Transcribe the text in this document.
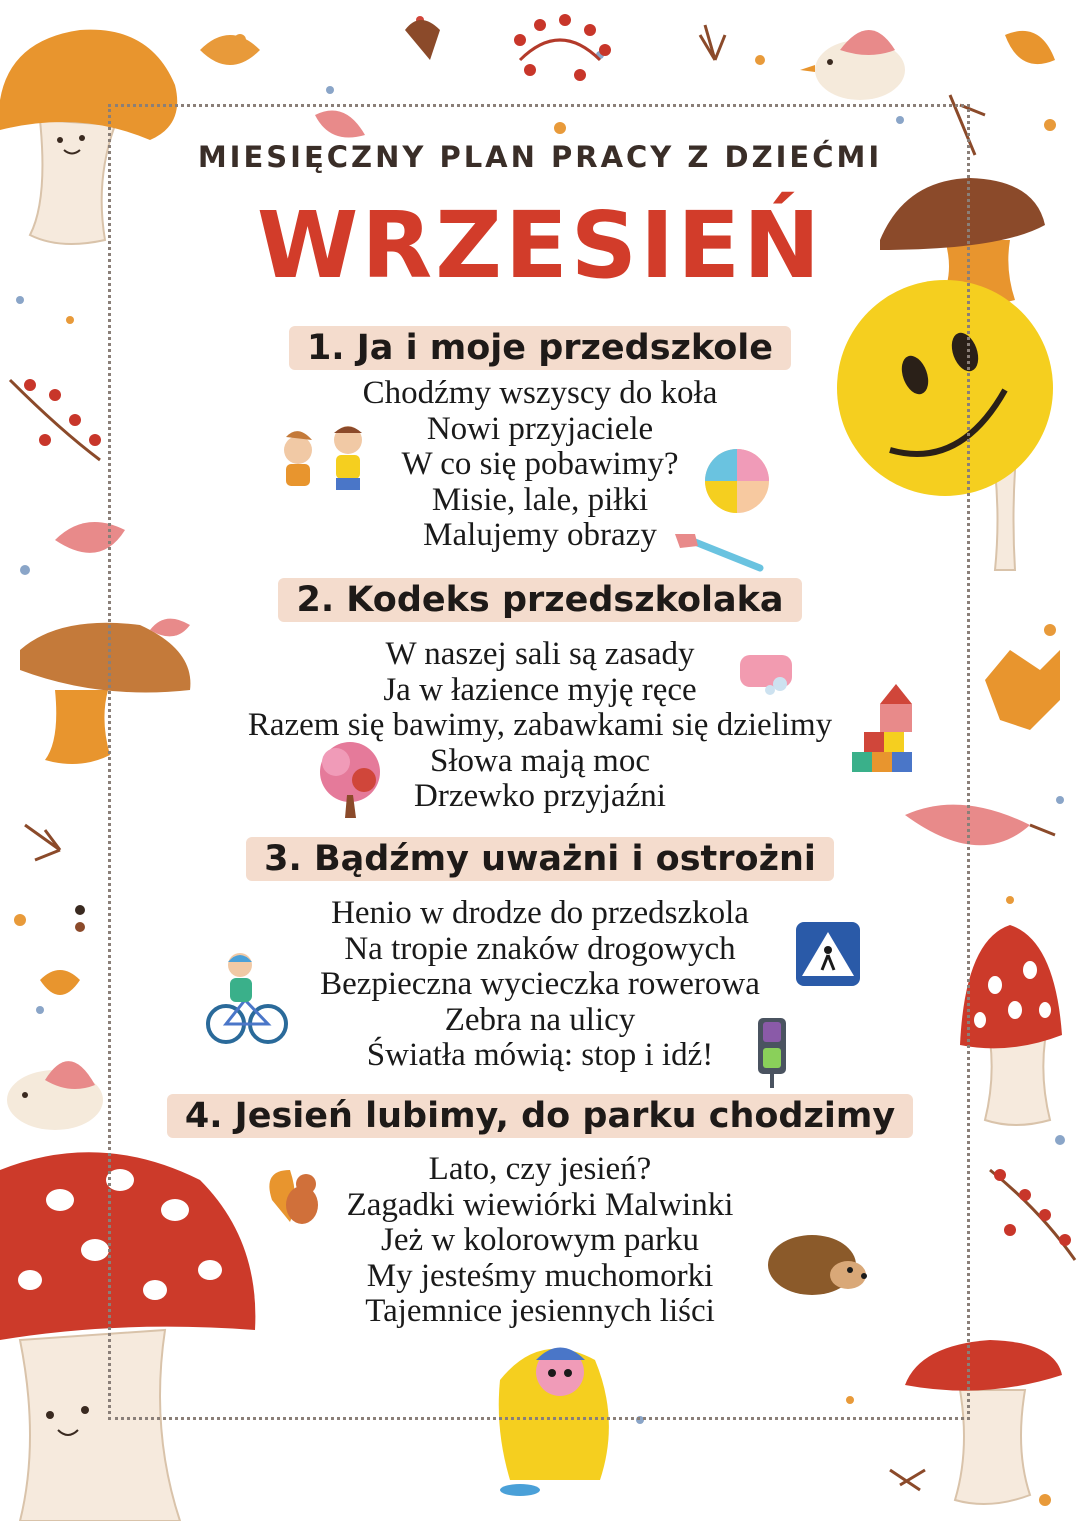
MIESIĘCZNY PLAN PRACY Z DZIEĆMI
WRZESIEŃ
1. Ja i moje przedszkole
Chodźmy wszyscy do koła
Nowi przyjaciele
W co się pobawimy?
Misie, lale, piłki
Malujemy obrazy
2. Kodeks przedszkolaka
W naszej sali są zasady
Ja w łazience myję ręce
Razem się bawimy, zabawkami się dzielimy
Słowa mają moc
Drzewko przyjaźni
3. Bądźmy uważni i ostrożni
Henio w drodze do przedszkola
Na tropie znaków drogowych
Bezpieczna wycieczka rowerowa
Zebra na ulicy
Światła mówią: stop i idź!
4. Jesień lubimy, do parku chodzimy
Lato, czy jesień?
Zagadki wiewiórki Malwinki
Jeż w kolorowym parku
My jesteśmy muchomorki
Tajemnice jesiennych liści
